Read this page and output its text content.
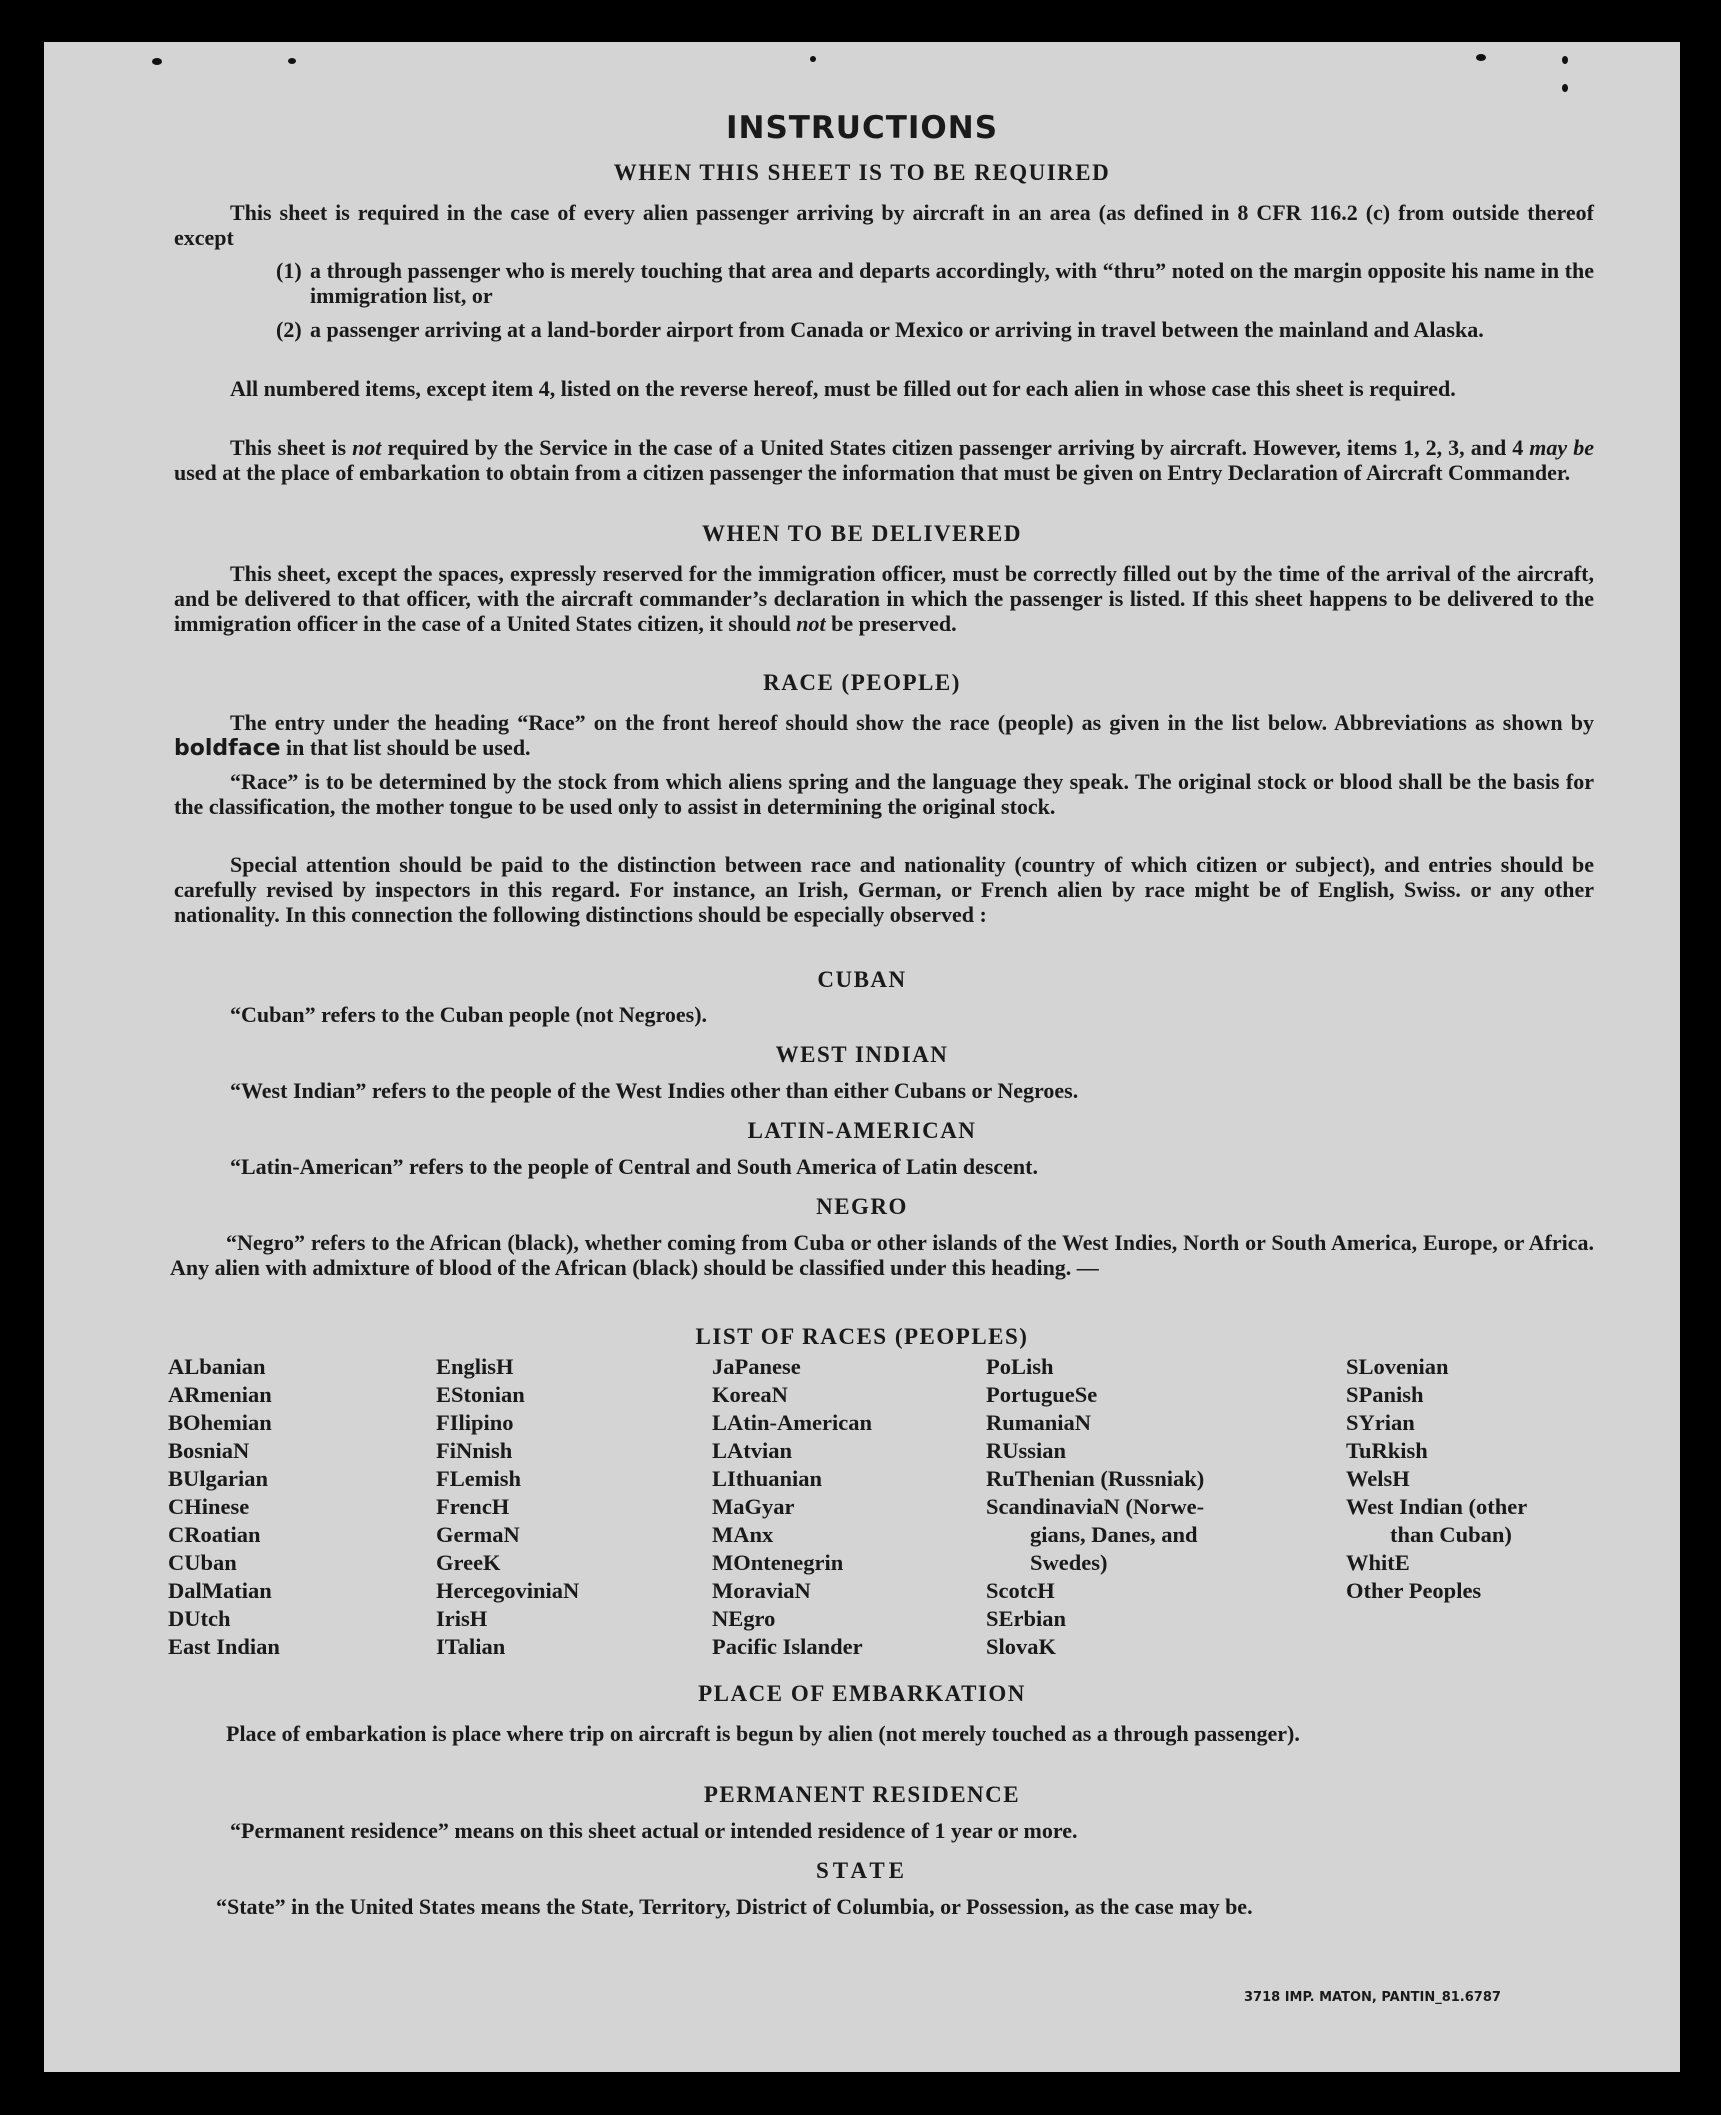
INSTRUCTIONS
WHEN THIS SHEET IS TO BE REQUIRED

This sheet is required in the case of every alien passenger arriving by aircraft in an area (as defined in 8 CFR 116.2 (c) from outside thereof except

(1) a through passenger who is merely touching that area and departs accordingly, with “thru” noted on the margin opposite his name in the immigration list, or

(2) a passenger arriving at a land-border airport from Canada or Mexico or arriving in travel between the mainland and Alaska.

All numbered items, except item 4, listed on the reverse hereof, must be filled out for each alien in whose case this sheet is required.

This sheet is not required by the Service in the case of a United States citizen passenger arriving by aircraft. However, items 1, 2, 3, and 4 may be used at the place of embarkation to obtain from a citizen passenger the information that must be given on Entry Declaration of Aircraft Commander.

WHEN TO BE DELIVERED

This sheet, except the spaces, expressly reserved for the immigration officer, must be correctly filled out by the time of the arrival of the aircraft, and be delivered to that officer, with the aircraft commander’s declaration in which the passenger is listed. If this sheet happens to be delivered to the immigration officer in the case of a United States citizen, it should not be preserved.

RACE (PEOPLE)

The entry under the heading “Race” on the front hereof should show the race (people) as given in the list below. Abbreviations as shown by boldface in that list should be used.

“Race” is to be determined by the stock from which aliens spring and the language they speak. The original stock or blood shall be the basis for the classification, the mother tongue to be used only to assist in determining the original stock.

Special attention should be paid to the distinction between race and nationality (country of which citizen or subject), and entries should be carefully revised by inspectors in this regard. For instance, an Irish, German, or French alien by race might be of English, Swiss. or any other nationality. In this connection the following distinctions should be especially observed :

CUBAN

“Cuban” refers to the Cuban people (not Negroes).

WEST INDIAN

“West Indian” refers to the people of the West Indies other than either Cubans or Negroes.

LATIN-AMERICAN

“Latin-American” refers to the people of Central and South America of Latin descent.

NEGRO

“Negro” refers to the African (black), whether coming from Cuba or other islands of the West Indies, North or South America, Europe, or Africa. Any alien with admixture of blood of the African (black) should be classified under this heading. —

LIST OF RACES (PEOPLES)
ALbanian
ARmenian
BOhemian
BosniaN
BUlgarian
CHinese
CRoatian
CUban
DalMatian
DUtch
East Indian
EnglisH
EStonian
FIlipino
FiNnish
FLemish
FrencH
GermaN
GreeK
HercegoviniaN
IrisH
ITalian
JaPanese
KoreaN
LAtin-American
LAtvian
LIthuanian
MaGyar
MAnx
MOntenegrin
MoraviaN
NEgro
Pacific Islander
PoLish
PortugueSe
RumaniaN
RUssian
RuThenian (Russniak)
ScandinaviaN (Norwe-
gians, Danes, and
Swedes)
ScotcH
SErbian
SlovaK
SLovenian
SPanish
SYrian
TuRkish
WelsH
West Indian (other
than Cuban)
WhitE
Other Peoples
PLACE OF EMBARKATION

Place of embarkation is place where trip on aircraft is begun by alien (not merely touched as a through passenger).

PERMANENT RESIDENCE

“Permanent residence” means on this sheet actual or intended residence of 1 year or more.

STATE

“State” in the United States means the State, Territory, District of Columbia, or Possession, as the case may be.

3718 IMP. MATON, PANTIN_81.6787
